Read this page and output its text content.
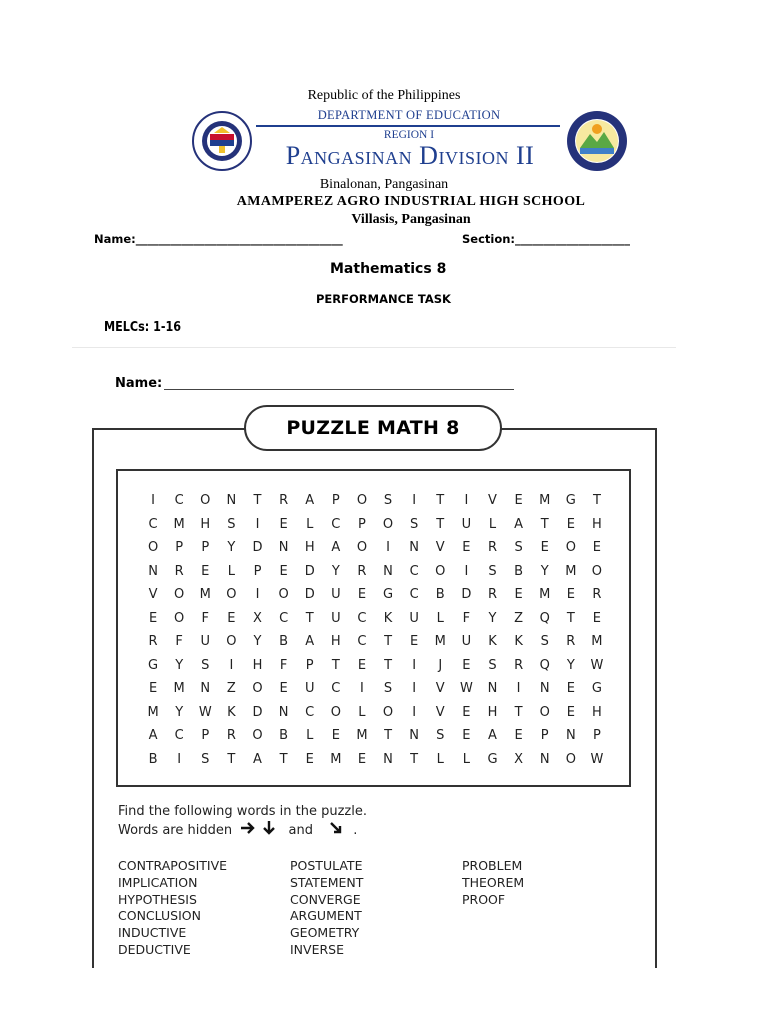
Republic of the Philippines
DEPARTMENT OF EDUCATION
REGION I
Pangasinan Division II
Binalonan, Pangasinan
AMAMPEREZ AGRO INDUSTRIAL HIGH SCHOOL
Villasis, Pangasinan
Name:____________________________________	Section:____________________
Mathematics 8
PERFORMANCE TASK
MELCs: 1-16
Name:
PUZZLE MATH 8
I	C	O	N	T	R	A	P	O	S	I	T	I	V	E	M	G	T
C	M	H	S	I	E	L	C	P	O	S	T	U	L	A	T	E	H
O	P	P	Y	D	N	H	A	O	I	N	V	E	R	S	E	O	E
N	R	E	L	P	E	D	Y	R	N	C	O	I	S	B	Y	M	O
V	O	M	O	I	O	D	U	E	G	C	B	D	R	E	M	E	R
E	O	F	E	X	C	T	U	C	K	U	L	F	Y	Z	Q	T	E
R	F	U	O	Y	B	A	H	C	T	E	M	U	K	K	S	R	M
G	Y	S	I	H	F	P	T	E	T	I	J	E	S	R	Q	Y	W
E	M	N	Z	O	E	U	C	I	S	I	V	W	N	I	N	E	G
M	Y	W	K	D	N	C	O	L	O	I	V	E	H	T	O	E	H
A	C	P	R	O	B	L	E	M	T	N	S	E	A	E	P	N	P
B	I	S	T	A	T	E	M	E	N	T	L	L	G	X	N	O	W
Find the following words in the puzzle.
Words are hidden	and	.
CONTRAPOSITIVE
IMPLICATION
HYPOTHESIS
CONCLUSION
INDUCTIVE
DEDUCTIVE
POSTULATE
STATEMENT
CONVERGE
ARGUMENT
GEOMETRY
INVERSE
PROBLEM
THEOREM
PROOF
